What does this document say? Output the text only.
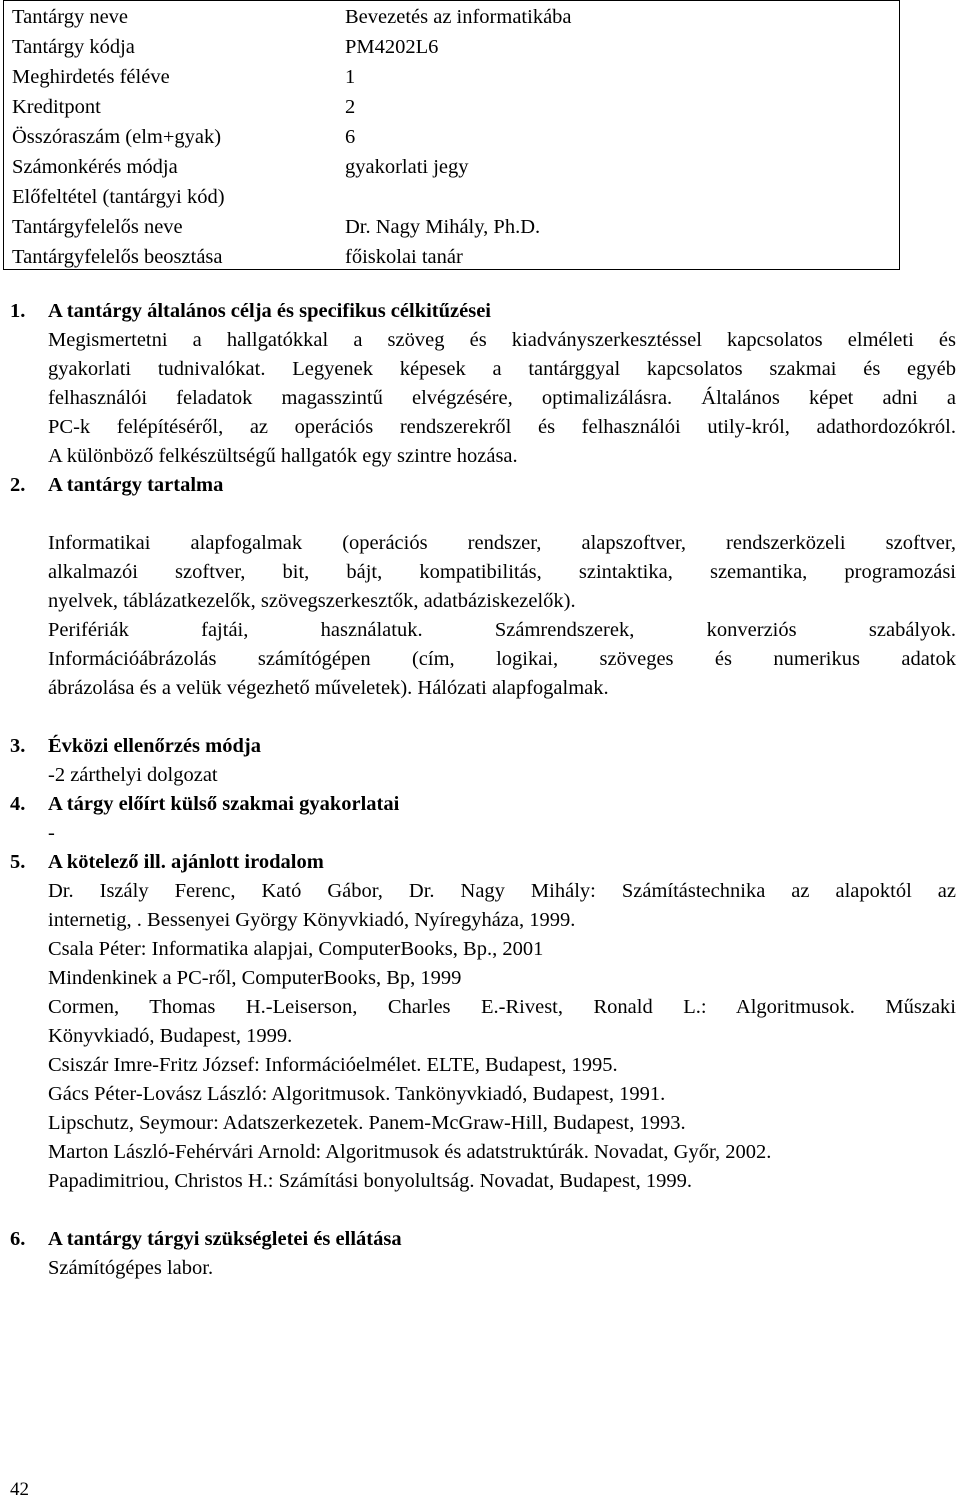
Tantárgy neve	Bevezetés az informatikába
Tantárgy kódja	PM4202L6
Meghirdetés féléve	1
Kreditpont	2
Összóraszám (elm+gyak)	6
Számonkérés módja	gyakorlati jegy
Előfeltétel (tantárgyi kód)
Tantárgyfelelős neve	Dr. Nagy Mihály, Ph.D.
Tantárgyfelelős beosztása	főiskolai tanár
1. A tantárgy általános célja és specifikus célkitűzései
Megismertetni a hallgatókkal a szöveg és kiadványszerkesztéssel kapcsolatos elméleti és
gyakorlati tudnivalókat. Legyenek képesek a tantárggyal kapcsolatos szakmai és egyéb
felhasználói feladatok magasszintű elvégzésére, optimalizálásra. Általános képet adni a
PC-k felépítéséről, az operációs rendszerekről és felhasználói utily-król, adathordozókról.
A különböző felkészültségű hallgatók egy szintre hozása.
2. A tantárgy tartalma
Informatikai alapfogalmak (operációs rendszer, alapszoftver, rendszerközeli szoftver,
alkalmazói szoftver, bit, bájt, kompatibilitás, szintaktika, szemantika, programozási
nyelvek, táblázatkezelők, szövegszerkesztők, adatbáziskezelők).
Perifériák fajtái, használatuk. Számrendszerek, konverziós szabályok.
Információábrázolás számítógépen (cím, logikai, szöveges és numerikus adatok
ábrázolása és a velük végezhető műveletek). Hálózati alapfogalmak.
3. Évközi ellenőrzés módja
-2 zárthelyi dolgozat
4. A tárgy előírt külső szakmai gyakorlatai
-
5. A kötelező ill. ajánlott irodalom
Dr. Iszály Ferenc, Kató Gábor, Dr. Nagy Mihály: Számítástechnika az alapoktól az
internetig, . Bessenyei György Könyvkiadó, Nyíregyháza, 1999.
Csala Péter: Informatika alapjai, ComputerBooks, Bp., 2001
Mindenkinek a PC-ről, ComputerBooks, Bp, 1999
Cormen, Thomas H.-Leiserson, Charles E.-Rivest, Ronald L.: Algoritmusok. Műszaki
Könyvkiadó, Budapest, 1999.
Csiszár Imre-Fritz József: Információelmélet. ELTE, Budapest, 1995.
Gács Péter-Lovász László: Algoritmusok. Tankönyvkiadó, Budapest, 1991.
Lipschutz, Seymour: Adatszerkezetek. Panem-McGraw-Hill, Budapest, 1993.
Marton László-Fehérvári Arnold: Algoritmusok és adatstruktúrák. Novadat, Győr, 2002.
Papadimitriou, Christos H.: Számítási bonyolultság. Novadat, Budapest, 1999.
6. A tantárgy tárgyi szükségletei és ellátása
Számítógépes labor.
42
